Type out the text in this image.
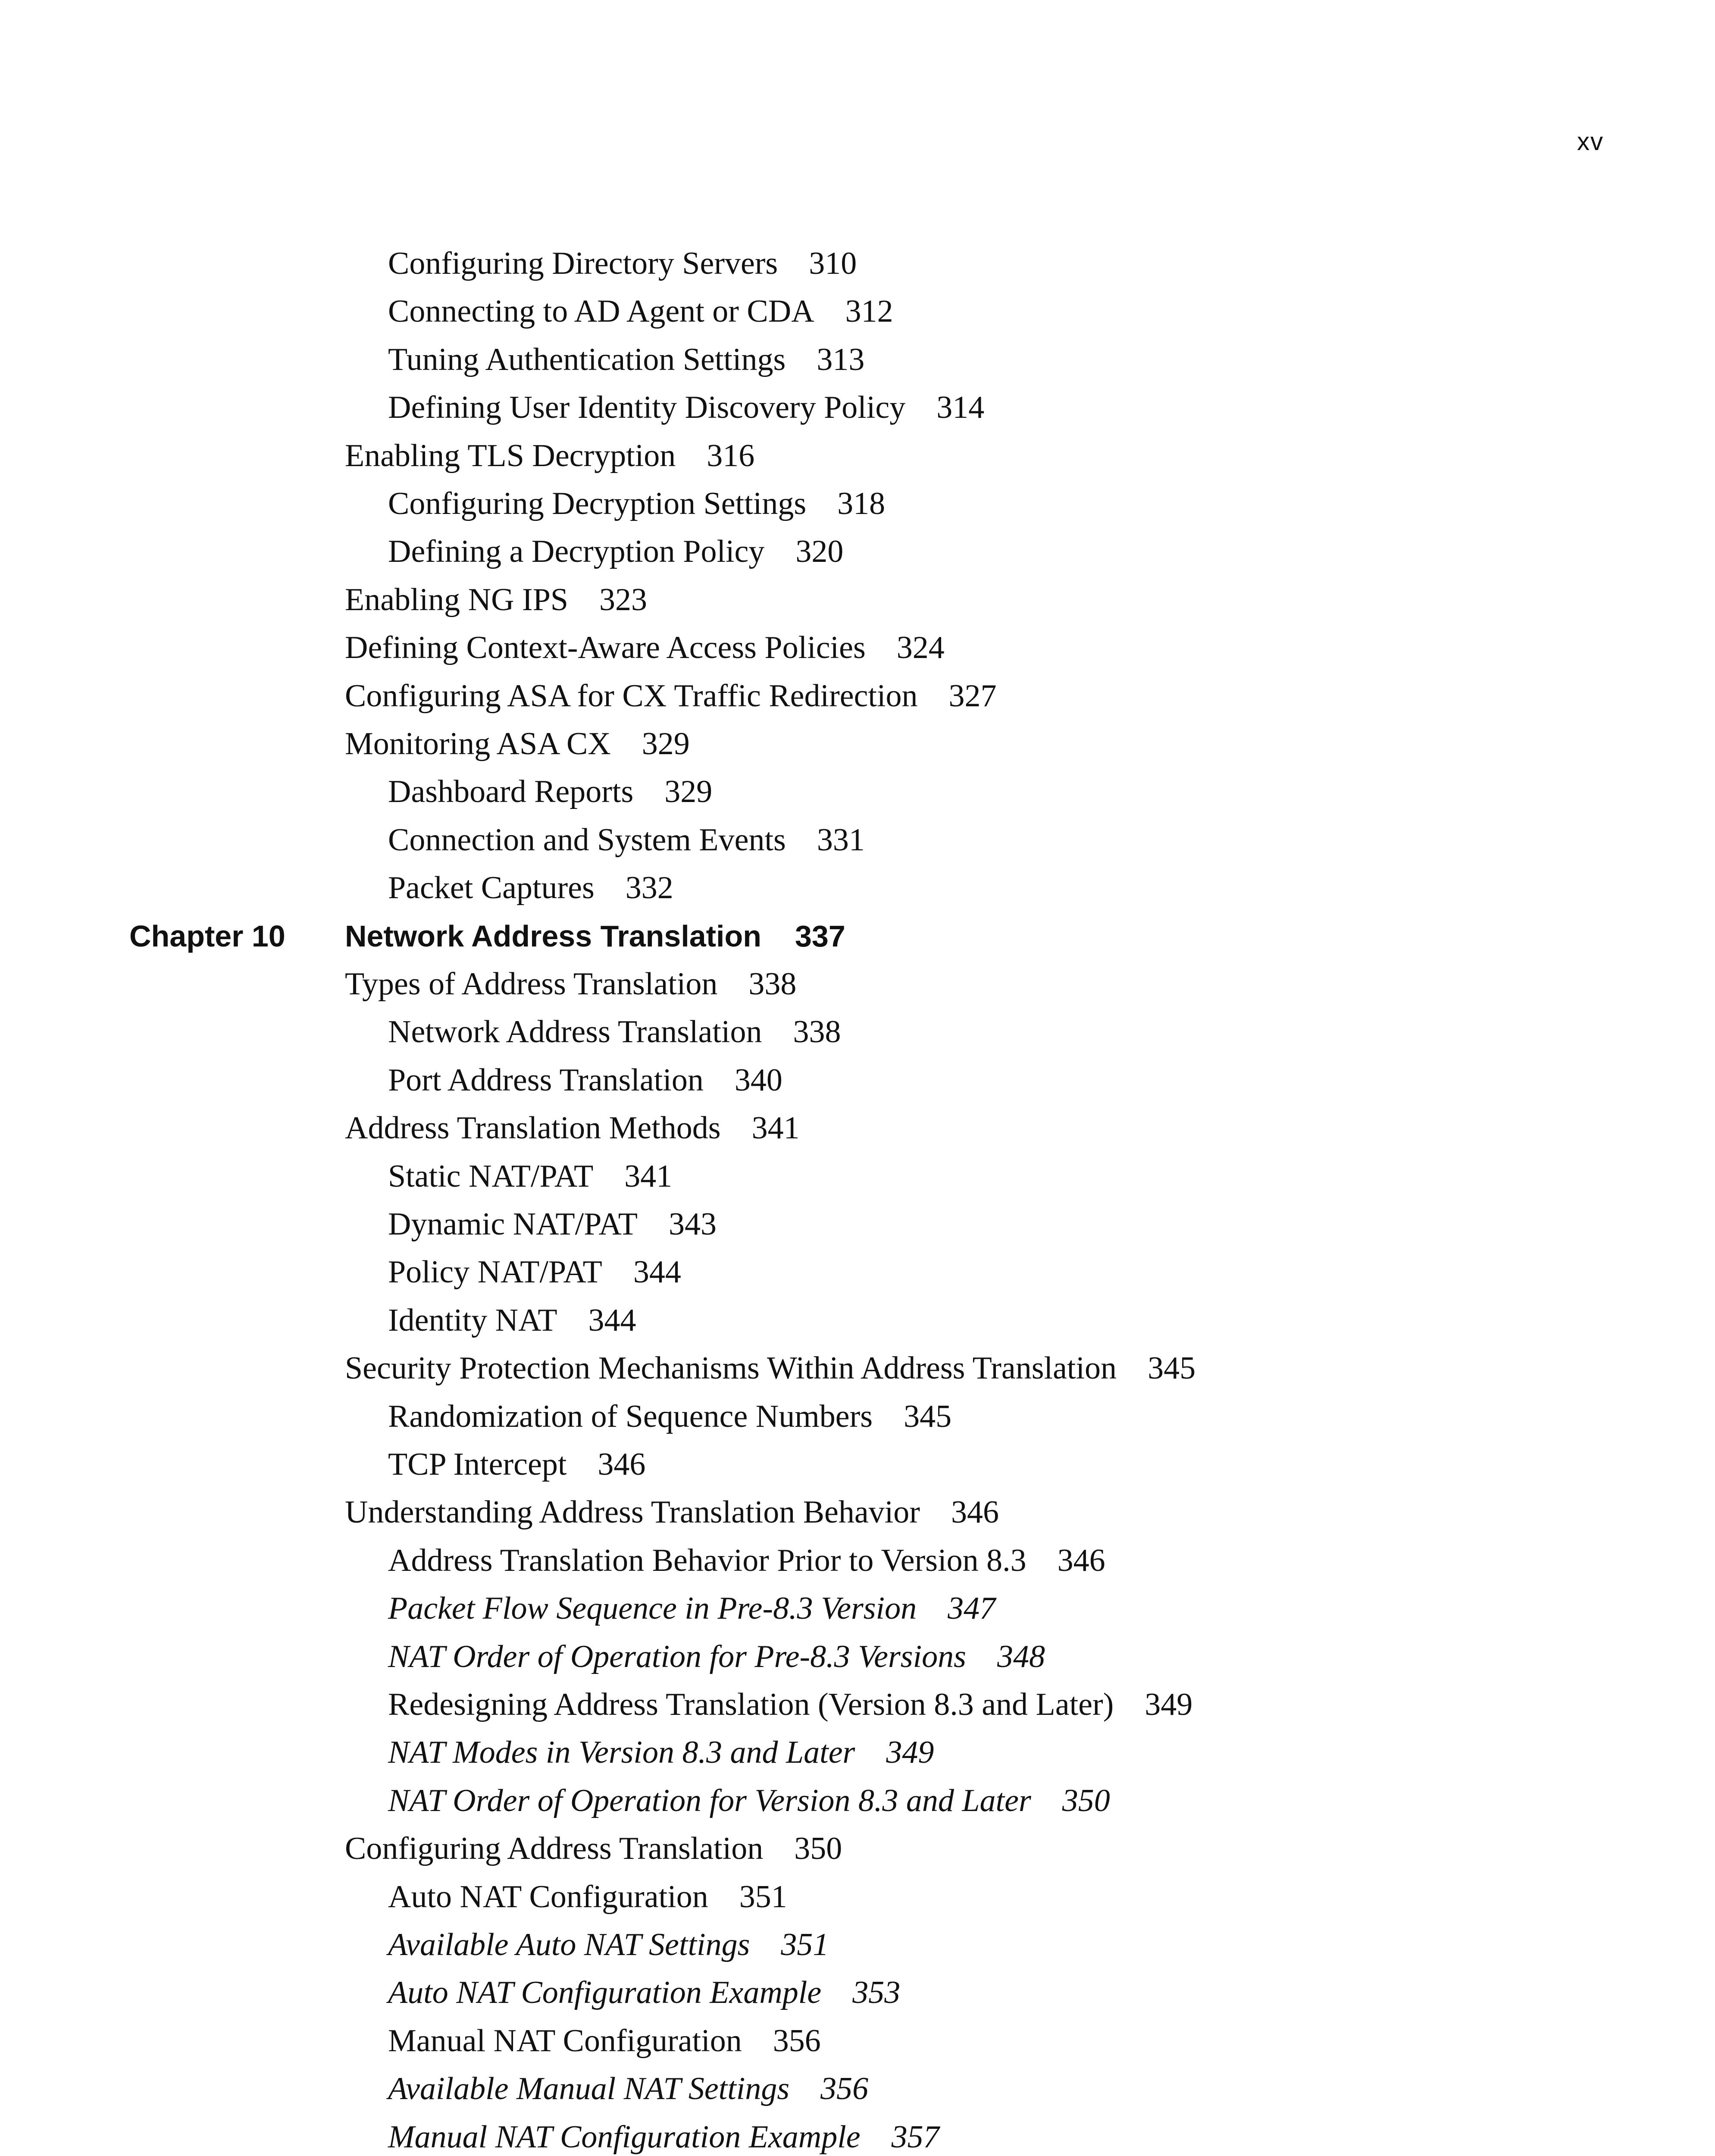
xv
Configuring Directory Servers 310
Connecting to AD Agent or CDA 312
Tuning Authentication Settings 313
Defining User Identity Discovery Policy 314
Enabling TLS Decryption 316
Configuring Decryption Settings 318
Defining a Decryption Policy 320
Enabling NG IPS 323
Defining Context-Aware Access Policies 324
Configuring ASA for CX Traffic Redirection 327
Monitoring ASA CX 329
Dashboard Reports 329
Connection and System Events 331
Packet Captures 332
Chapter 10 Network Address Translation 337
Types of Address Translation 338
Network Address Translation 338
Port Address Translation 340
Address Translation Methods 341
Static NAT/PAT 341
Dynamic NAT/PAT 343
Policy NAT/PAT 344
Identity NAT 344
Security Protection Mechanisms Within Address Translation 345
Randomization of Sequence Numbers 345
TCP Intercept 346
Understanding Address Translation Behavior 346
Address Translation Behavior Prior to Version 8.3 346
Packet Flow Sequence in Pre-8.3 Version 347
NAT Order of Operation for Pre-8.3 Versions 348
Redesigning Address Translation (Version 8.3 and Later) 349
NAT Modes in Version 8.3 and Later 349
NAT Order of Operation for Version 8.3 and Later 350
Configuring Address Translation 350
Auto NAT Configuration 351
Available Auto NAT Settings 351
Auto NAT Configuration Example 353
Manual NAT Configuration 356
Available Manual NAT Settings 356
Manual NAT Configuration Example 357
